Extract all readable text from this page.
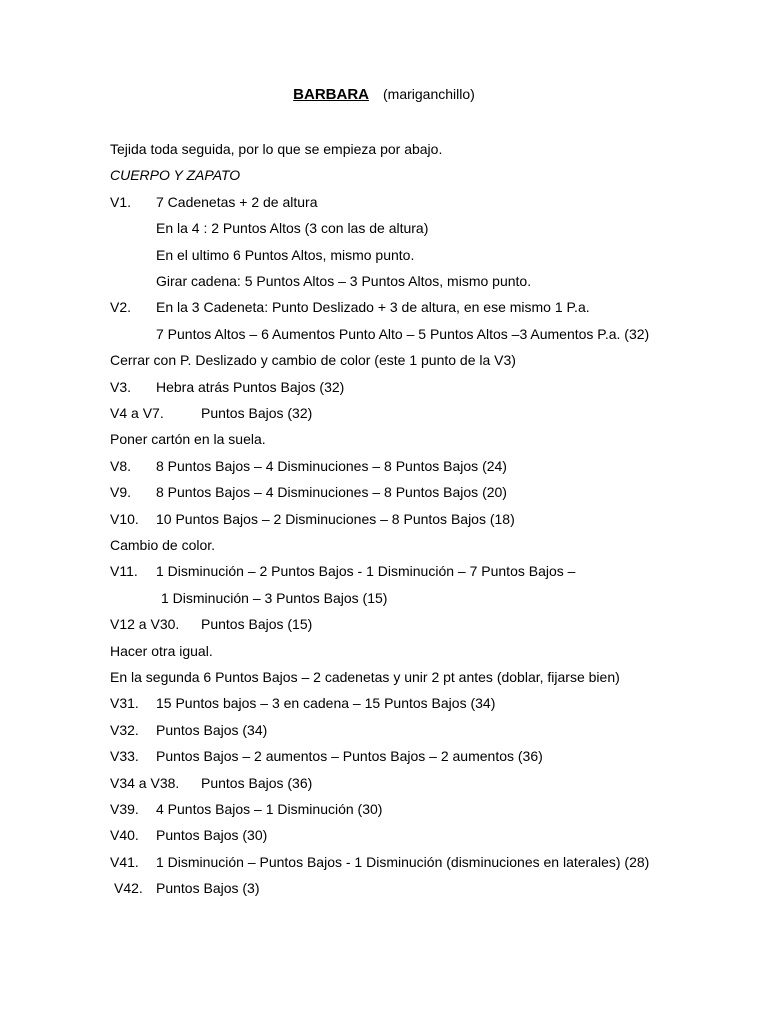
BARBARA (mariganchillo)
Tejida toda seguida, por lo que se empieza por abajo.
CUERPO Y ZAPATO
V1. 7 Cadenetas + 2 de altura
En la 4 : 2 Puntos Altos (3 con las de altura)
En el ultimo 6 Puntos Altos, mismo punto.
Girar cadena: 5 Puntos Altos – 3 Puntos Altos, mismo punto.
V2. En la 3 Cadeneta: Punto Deslizado + 3 de altura, en ese mismo 1 P.a.
7 Puntos Altos – 6 Aumentos Punto Alto – 5 Puntos Altos –3 Aumentos P.a. (32)
Cerrar con P. Deslizado y cambio de color (este 1 punto de la V3)
V3. Hebra atrás Puntos Bajos (32)
V4 a V7.	Puntos Bajos (32)
Poner cartón en la suela.
V8. 8 Puntos Bajos – 4 Disminuciones – 8 Puntos Bajos (24)
V9. 8 Puntos Bajos – 4 Disminuciones – 8 Puntos Bajos (20)
V10. 10 Puntos Bajos – 2 Disminuciones – 8 Puntos Bajos (18)
Cambio de color.
V11. 1 Disminución – 2 Puntos Bajos - 1 Disminución – 7 Puntos Bajos –
1 Disminución – 3 Puntos Bajos (15)
V12 a V30. Puntos Bajos (15)
Hacer otra igual.
En la segunda 6 Puntos Bajos – 2 cadenetas y unir 2 pt antes (doblar, fijarse bien)
V31. 15 Puntos bajos – 3 en cadena – 15 Puntos Bajos (34)
V32. Puntos Bajos (34)
V33. Puntos Bajos – 2 aumentos – Puntos Bajos – 2 aumentos (36)
V34 a V38. Puntos Bajos (36)
V39. 4 Puntos Bajos – 1 Disminución (30)
V40. Puntos Bajos (30)
V41. 1 Disminución – Puntos Bajos - 1 Disminución (disminuciones en laterales) (28)
V42. Puntos Bajos (3)
